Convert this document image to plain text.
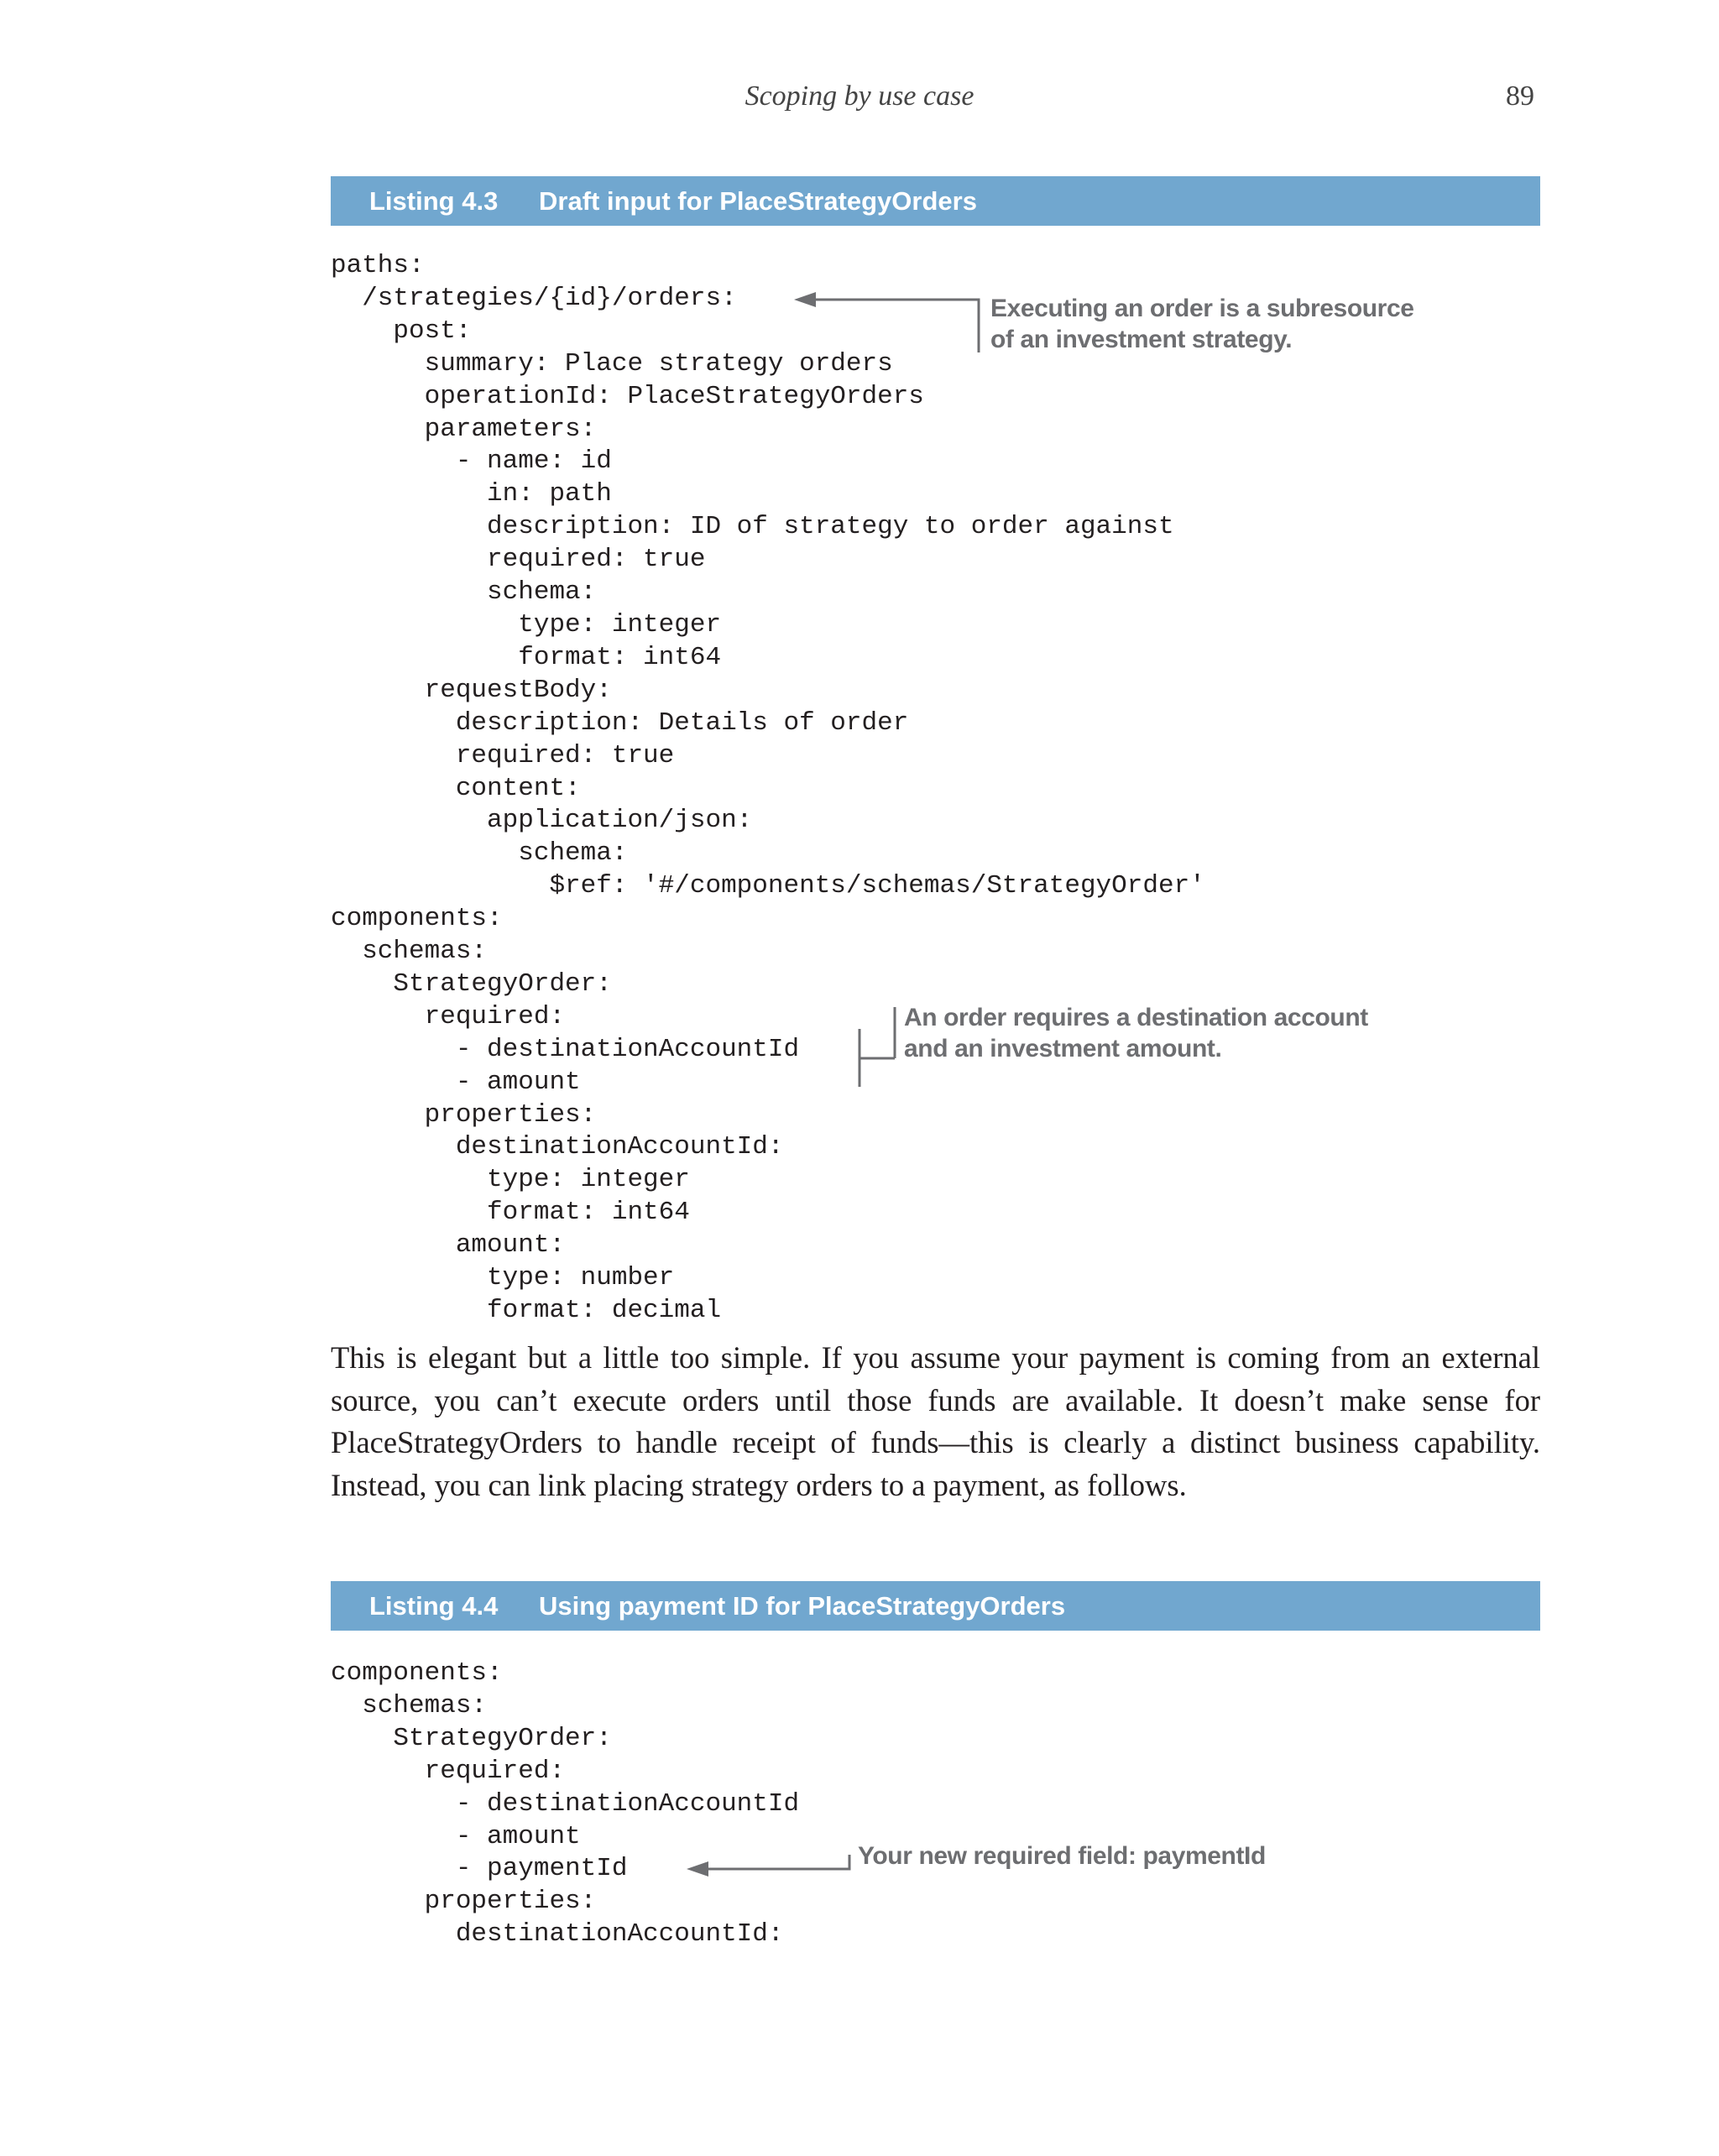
Scoping by use case	89
Listing 4.3 Draft input for PlaceStrategyOrders
paths:
/strategies/{id}/orders:
post:
summary: Place strategy orders
operationId: PlaceStrategyOrders
parameters:
- name: id
in: path
description: ID of strategy to order against
required: true
schema:
type: integer
format: int64
requestBody:
description: Details of order
required: true
content:
application/json:
schema:
$ref: '#/components/schemas/StrategyOrder'
components:
schemas:
StrategyOrder:
required:
- destinationAccountId
- amount
properties:
destinationAccountId:
type: integer
format: int64
amount:
type: number
format: decimal
Executing an order is a subresource
of an investment strategy.
An order requires a destination account
and an investment amount.

This is elegant but a little too simple. If you assume your payment is coming from an external source, you can’t execute orders until those funds are available. It doesn’t make sense for PlaceStrategyOrders to handle receipt of funds—this is clearly a distinct business capability. Instead, you can link placing strategy orders to a payment, as follows.

Listing 4.4 Using payment ID for PlaceStrategyOrders
components:
schemas:
StrategyOrder:
required:
- destinationAccountId
- amount
- paymentId
properties:
destinationAccountId:
Your new required field: paymentId
